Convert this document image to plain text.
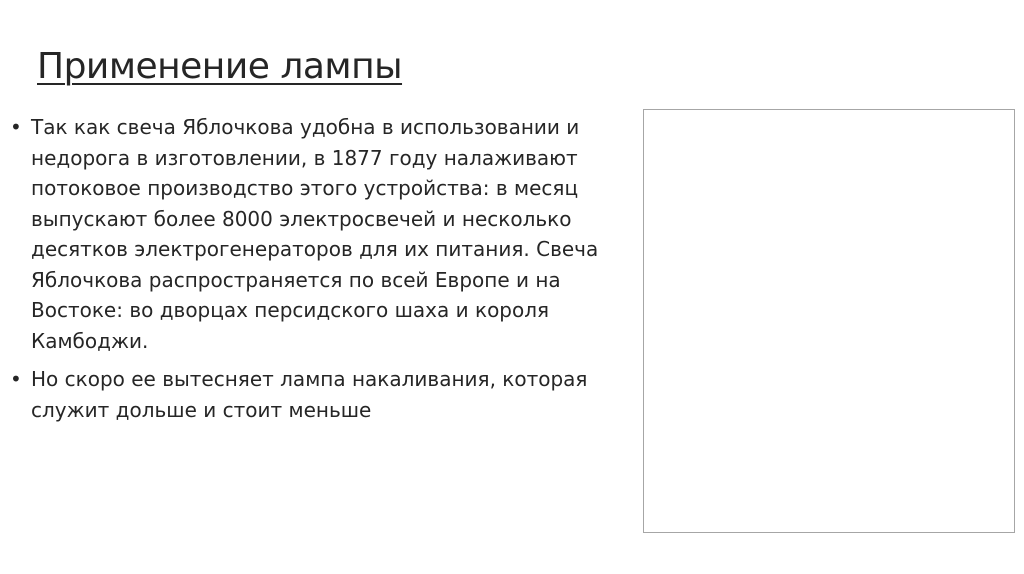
Применение лампы
• Так как свеча Яблочкова удобна в использовании и недорога в изготовлении, в 1877 году налаживают потоковое производство этого устройства: в месяц выпускают более 8000 электросвечей и несколько десятков электрогенераторов для их питания. Свеча Яблочкова распространяется по всей Европе и на Востоке: во дворцах персидского шаха и короля Камбоджи.
• Но скоро ее вытесняет лампа накаливания, которая служит дольше и стоит меньше
